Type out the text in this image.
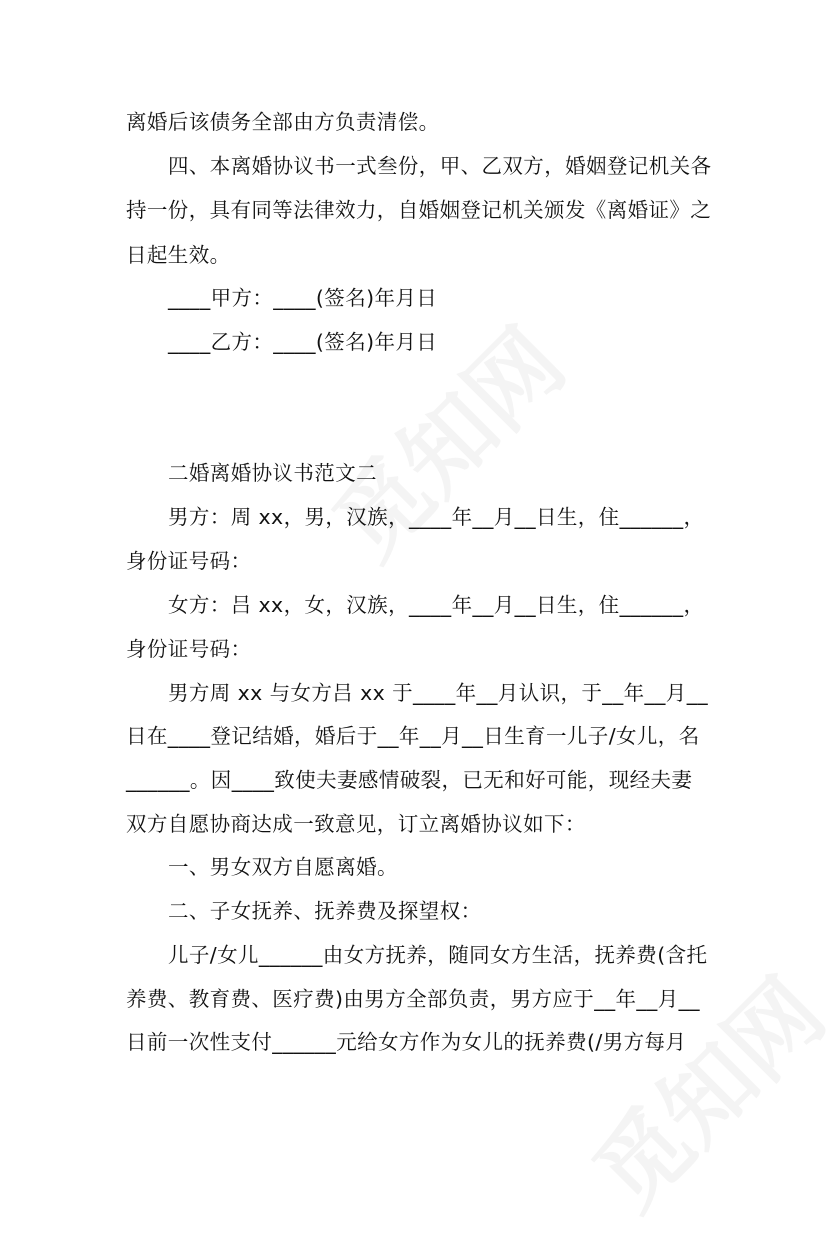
离婚后该债务全部由方负责清偿。
四、本离婚协议书一式叁份，甲、乙双方，婚姻登记机关各
持一份，具有同等法律效力，自婚姻登记机关颁发《离婚证》之
日起生效。
____甲方：____(签名)年月日
____乙方：____(签名)年月日
二婚离婚协议书范文二
男方：周 xx，男，汉族，____年__月__日生，住______，
身份证号码：
女方：吕 xx，女，汉族，____年__月__日生，住______，
身份证号码：
男方周 xx 与女方吕 xx 于____年__月认识，于__年__月__
日在____登记结婚，婚后于__年__月__日生育一儿子/女儿，名
______。因____致使夫妻感情破裂，已无和好可能，现经夫妻
双方自愿协商达成一致意见，订立离婚协议如下：
一、男女双方自愿离婚。
二、子女抚养、抚养费及探望权：
儿子/女儿______由女方抚养，随同女方生活，抚养费(含托
养费、教育费、医疗费)由男方全部负责，男方应于__年__月__
日前一次性支付______元给女方作为女儿的抚养费(/男方每月
